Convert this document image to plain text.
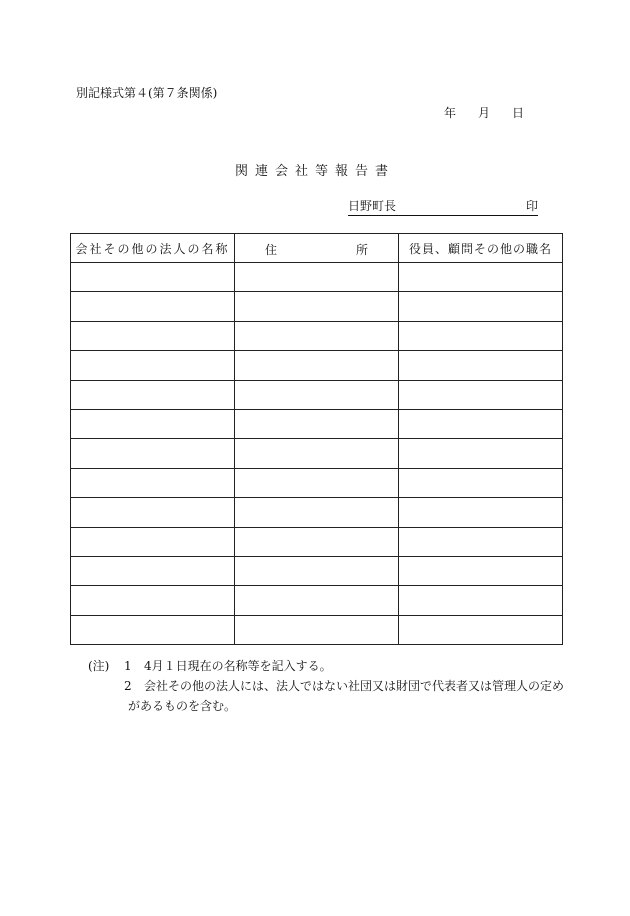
別記様式第４(第７条関係)
年 月 日
関連会社等報告書
日野町長	印
会社その他の法人の名称	住 所	役員、顧問その他の職名

(注) 1 4月１日現在の名称等を記入する。
2 会社その他の法人には、法人ではない社団又は財団で代表者又は管理人の定め
があるものを含む。
